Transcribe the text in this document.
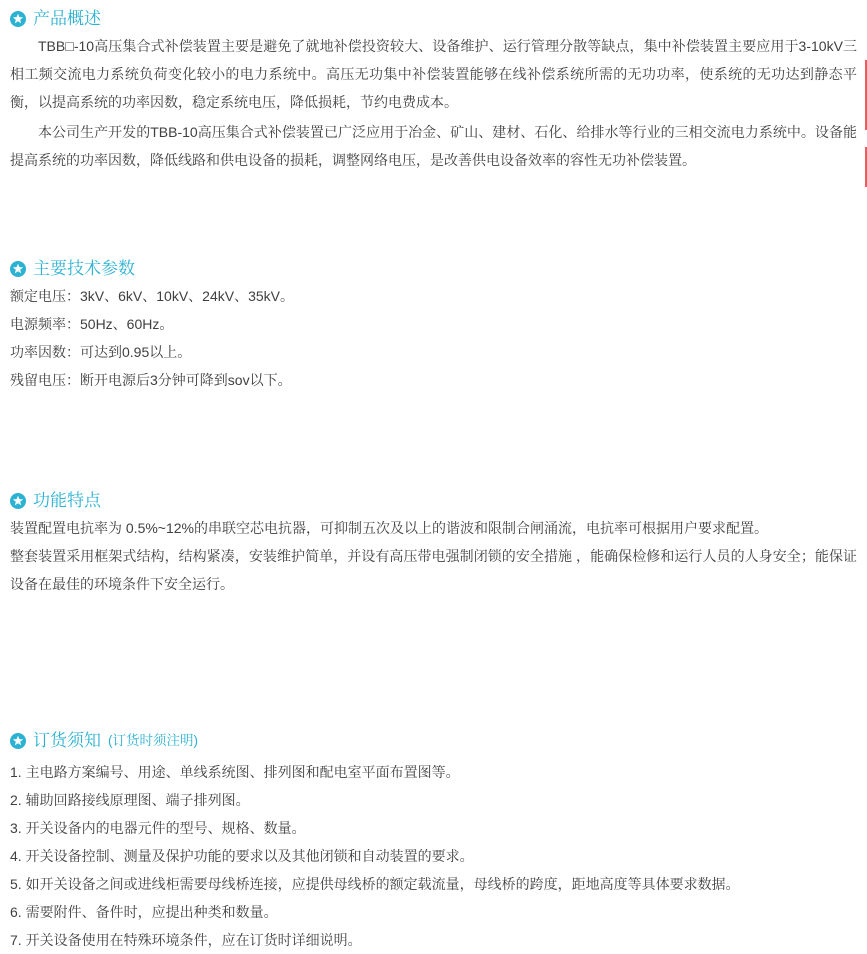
产品概述

TBB□-10高压集合式补偿装置主要是避免了就地补偿投资较大、设备维护、运行管理分散等缺点，集中补偿装置主要应用于3-10kV三相工频交流电力系统负荷变化较小的电力系统中。高压无功集中补偿装置能够在线补偿系统所需的无功功率，使系统的无功达到静态平衡，以提高系统的功率因数，稳定系统电压，降低损耗，节约电费成本。

本公司生产开发的TBB-10高压集合式补偿装置已广泛应用于冶金、矿山、建材、石化、给排水等行业的三相交流电力系统中。设备能提高系统的功率因数，降低线路和供电设备的损耗，调整网络电压，是改善供电设备效率的容性无功补偿装置。

主要技术参数

额定电压：3kV、6kV、10kV、24kV、35kV。

电源频率：50Hz、60Hz。

功率因数：可达到0.95以上。

残留电压：断开电源后3分钟可降到sov以下。

功能特点

装置配置电抗率为 0.5%~12%的串联空芯电抗器，可抑制五次及以上的谐波和限制合闸涌流，电抗率可根据用户要求配置。

整套装置采用框架式结构，结构紧凑，安装维护简单，并设有高压带电强制闭锁的安全措施 ，能确保检修和运行人员的人身安全；能保证设备在最佳的环境条件下安全运行。

订货须知 (订货时须注明)

1. 主电路方案编号、用途、单线系统图、排列图和配电室平面布置图等。

2. 辅助回路接线原理图、端子排列图。

3. 开关设备内的电器元件的型号、规格、数量。

4. 开关设备控制、测量及保护功能的要求以及其他闭锁和自动装置的要求。

5. 如开关设备之间或进线柜需要母线桥连接，应提供母线桥的额定载流量，母线桥的跨度，距地高度等具体要求数据。

6. 需要附件、备件时，应提出种类和数量。

7. 开关设备使用在特殊环境条件，应在订货时详细说明。
